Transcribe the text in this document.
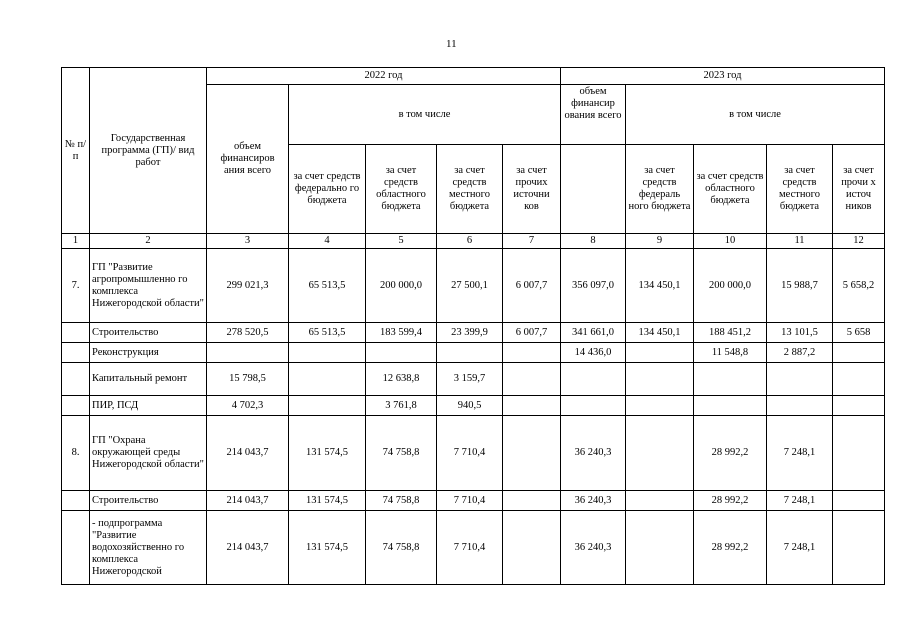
11
№ п/п	Государственная программа (ГП)/ вид работ	2022 год					2023 год				
		объем финансиров ания всего	в том числе				объем финансир ования всего	в том числе			
			за счет средств федерально го бюджета	за счет средств областного бюджета	за счет средств местного бюджета	за счет прочих источни ков		за счет средств федераль ного бюджета	за счет средств областного бюджета	за счет средств местного бюджета	за счет прочи х источ ников
1	2	3	4	5	6	7	8	9	10	11	12
7.	ГП "Развитие агропромышленно го комплекса Нижегородской области"	299 021,3	65 513,5	200 000,0	27 500,1	6 007,7	356 097,0	134 450,1	200 000,0	15 988,7	5 658,2
	Строительство	278 520,5	65 513,5	183 599,4	23 399,9	6 007,7	341 661,0	134 450,1	188 451,2	13 101,5	5 658
	Реконструкция						14 436,0		11 548,8	2 887,2	
	Капитальный ремонт	15 798,5		12 638,8	3 159,7						
	ПИР, ПСД	4 702,3		3 761,8	940,5						
8.	ГП "Охрана окружающей среды Нижегородской области"	214 043,7	131 574,5	74 758,8	7 710,4		36 240,3		28 992,2	7 248,1	
	Строительство	214 043,7	131 574,5	74 758,8	7 710,4		36 240,3		28 992,2	7 248,1	
	- подпрограмма "Развитие водохозяйственно го комплекса Нижегородской	214 043,7	131 574,5	74 758,8	7 710,4		36 240,3		28 992,2	7 248,1	
